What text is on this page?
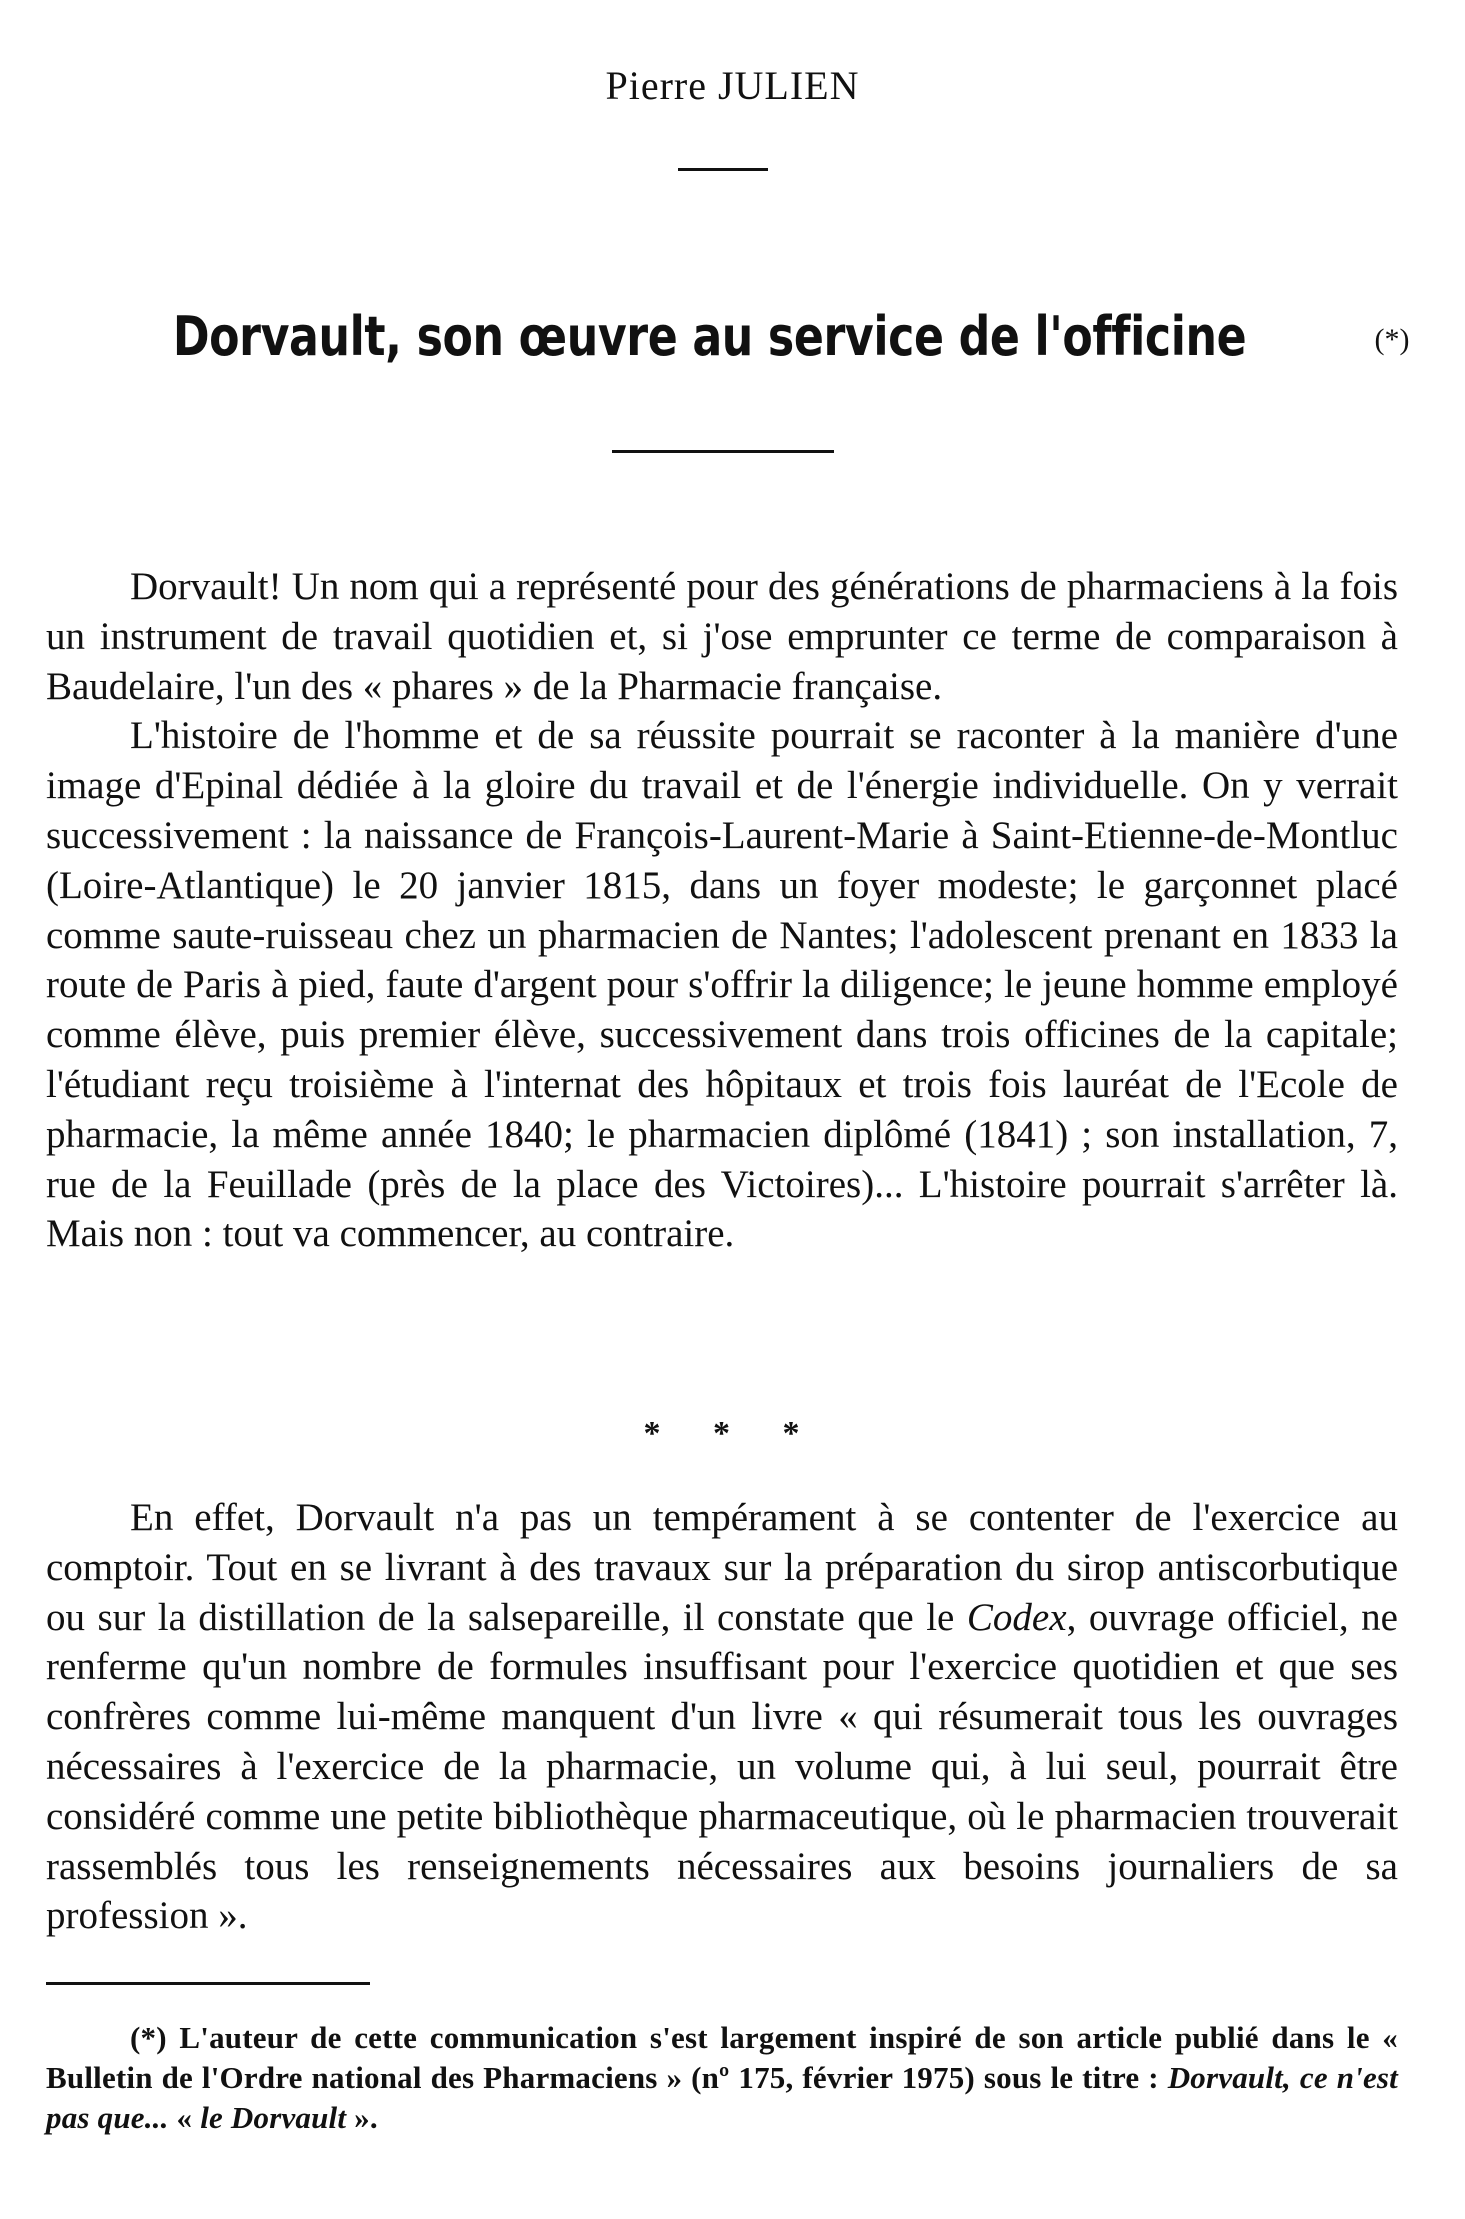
Pierre JULIEN
Dorvault, son œuvre au service de l'officine	(*)

Dorvault! Un nom qui a représenté pour des générations de pharmaciens à la fois un instrument de travail quotidien et, si j'ose emprunter ce terme de comparaison à Baudelaire, l'un des « phares » de la Pharmacie française.

L'histoire de l'homme et de sa réussite pourrait se raconter à la manière d'une image d'Epinal dédiée à la gloire du travail et de l'énergie individuelle. On y verrait successivement : la naissance de François-Laurent-Marie à Saint-Etienne-de-Montluc (Loire-Atlantique) le 20 janvier 1815, dans un foyer modeste; le garçonnet placé comme saute-ruisseau chez un pharmacien de Nantes; l'adolescent prenant en 1833 la route de Paris à pied, faute d'argent pour s'offrir la diligence; le jeune homme employé comme élève, puis premier élève, successivement dans trois officines de la capitale; l'étudiant reçu troisième à l'internat des hôpitaux et trois fois lauréat de l'Ecole de pharmacie, la même année 1840; le pharmacien diplômé (1841) ; son installation, 7, rue de la Feuillade (près de la place des Victoires)... L'histoire pourrait s'arrêter là. Mais non : tout va commencer, au contraire.

* * *

En effet, Dorvault n'a pas un tempérament à se contenter de l'exercice au comptoir. Tout en se livrant à des travaux sur la préparation du sirop antiscorbutique ou sur la distillation de la salsepareille, il constate que le Codex, ouvrage officiel, ne renferme qu'un nombre de formules insuffisant pour l'exercice quotidien et que ses confrères comme lui-même manquent d'un livre « qui résumerait tous les ouvrages nécessaires à l'exercice de la pharmacie, un volume qui, à lui seul, pourrait être considéré comme une petite bibliothèque pharmaceutique, où le pharmacien trouverait rassemblés tous les renseignements nécessaires aux besoins journaliers de sa profession ».

(*) L'auteur de cette communication s'est largement inspiré de son article publié dans le « Bulletin de l'Ordre national des Pharmaciens » (nº 175, février 1975) sous le titre : Dorvault, ce n'est pas que... « le Dorvault ».
